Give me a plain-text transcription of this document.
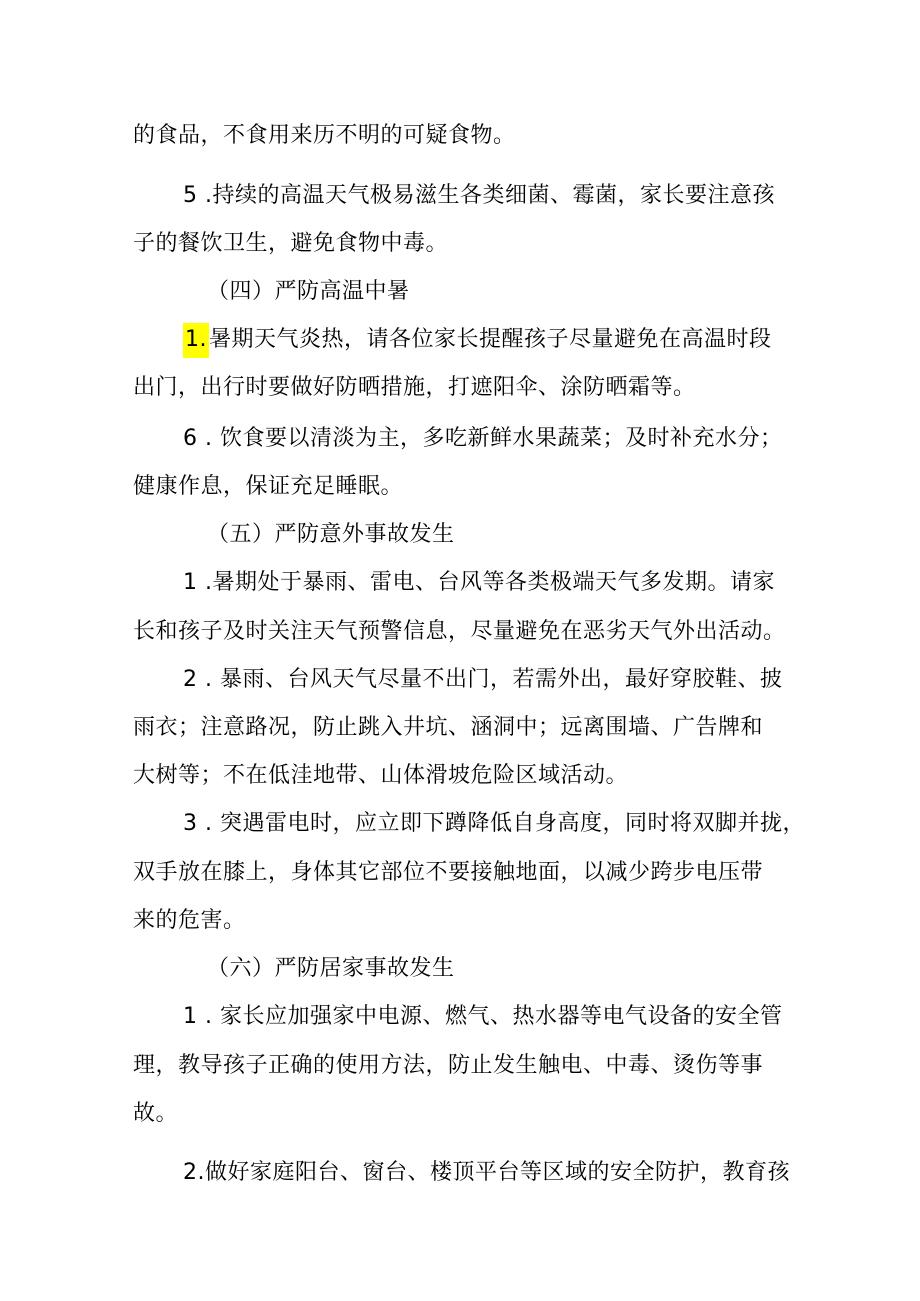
的食品，不食用来历不明的可疑食物。
5 .持续的高温天气极易滋生各类细菌、霉菌，家长要注意孩
子的餐饮卫生，避免食物中毒。
（四）严防高温中暑
1.暑期天气炎热，请各位家长提醒孩子尽量避免在高温时段
出门，出行时要做好防晒措施，打遮阳伞、涂防晒霜等。
6 . 饮食要以清淡为主，多吃新鲜水果蔬菜；及时补充水分；
健康作息，保证充足睡眠。
（五）严防意外事故发生
1 .暑期处于暴雨、雷电、台风等各类极端天气多发期。请家
长和孩子及时关注天气预警信息，尽量避免在恶劣天气外出活动。
2 . 暴雨、台风天气尽量不出门，若需外出，最好穿胶鞋、披
雨衣；注意路况，防止跳入井坑、涵洞中；远离围墙、广告牌和
大树等；不在低洼地带、山体滑坡危险区域活动。
3 . 突遇雷电时，应立即下蹲降低自身高度，同时将双脚并拢，
双手放在膝上，身体其它部位不要接触地面，以减少跨步电压带
来的危害。
（六）严防居家事故发生
1 . 家长应加强家中电源、燃气、热水器等电气设备的安全管
理，教导孩子正确的使用方法，防止发生触电、中毒、烫伤等事
故。
2.做好家庭阳台、窗台、楼顶平台等区域的安全防护，教育孩
